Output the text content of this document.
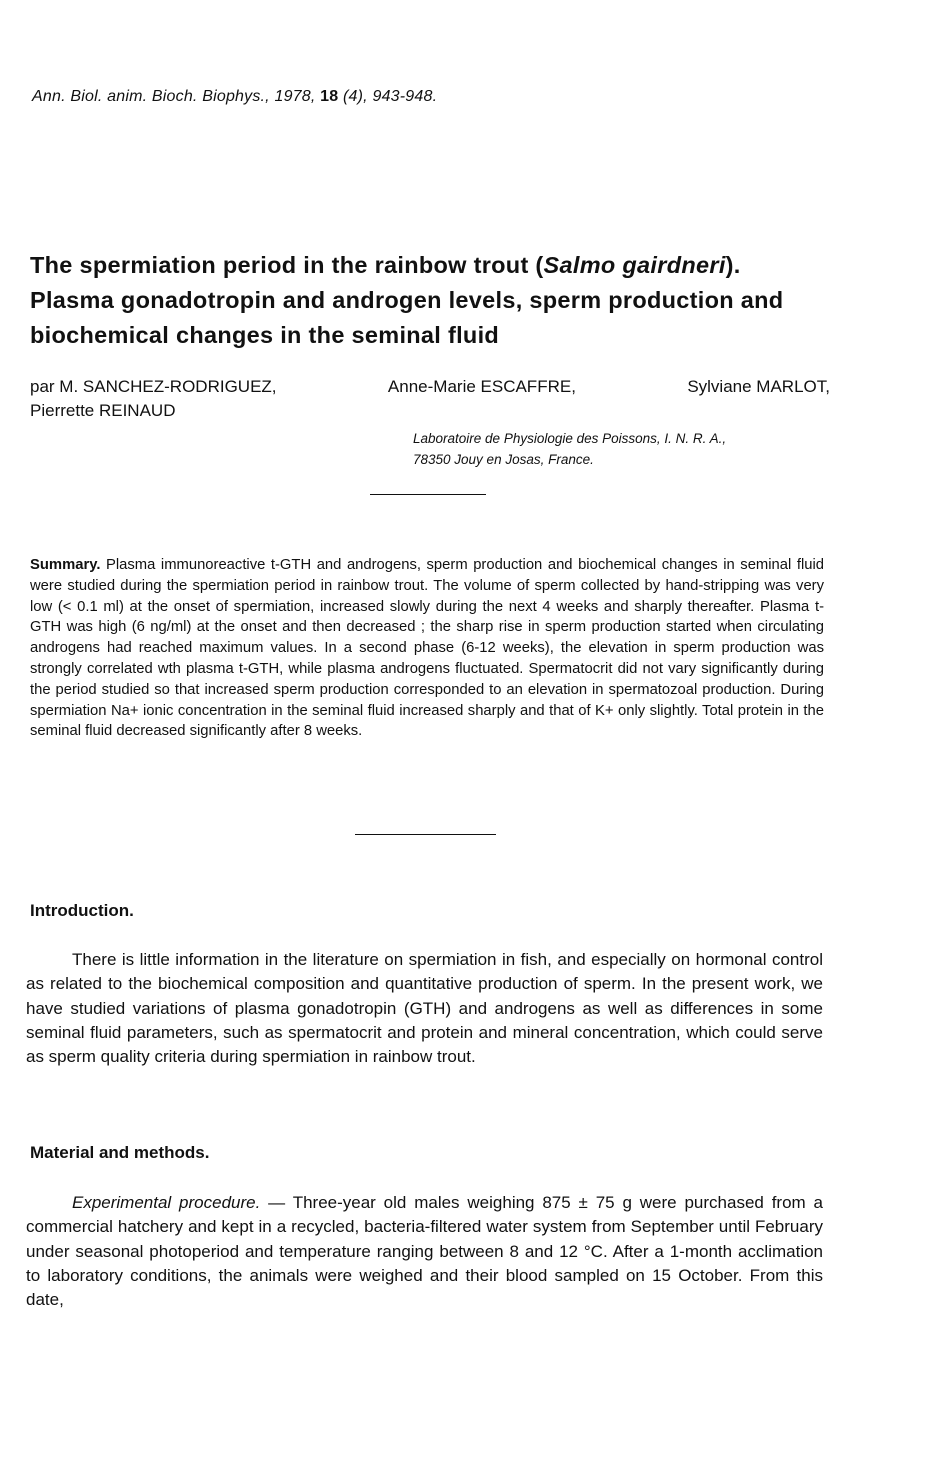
Ann. Biol. anim. Bioch. Biophys., 1978, 18 (4), 943-948.
The spermiation period in the rainbow trout (Salmo gairdneri). Plasma gonadotropin and androgen levels, sperm production and biochemical changes in the seminal fluid
par M. SANCHEZ-RODRIGUEZ,	Anne-Marie ESCAFFRE,	Sylviane MARLOT,
Pierrette REINAUD
Laboratoire de Physiologie des Poissons, I. N. R. A.,
78350 Jouy en Josas, France.
Summary. Plasma immunoreactive t-GTH and androgens, sperm production and biochemical changes in seminal fluid were studied during the spermiation period in rainbow trout. The volume of sperm collected by hand-stripping was very low (< 0.1 ml) at the onset of spermiation, increased slowly during the next 4 weeks and sharply thereafter. Plasma t-GTH was high (6 ng/ml) at the onset and then decreased ; the sharp rise in sperm production started when circulating androgens had reached maximum values. In a second phase (6-12 weeks), the elevation in sperm production was strongly correlated wth plasma t-GTH, while plasma androgens fluctuated. Spermatocrit did not vary significantly during the period studied so that increased sperm production corresponded to an elevation in spermatozoal production. During spermiation Na+ ionic concentration in the seminal fluid increased sharply and that of K+ only slightly. Total protein in the seminal fluid decreased significantly after 8 weeks.
Introduction.
There is little information in the literature on spermiation in fish, and especially on hormonal control as related to the biochemical composition and quantitative production of sperm. In the present work, we have studied variations of plasma gonadotropin (GTH) and androgens as well as differences in some seminal fluid parameters, such as spermatocrit and protein and mineral concentration, which could serve as sperm quality criteria during spermiation in rainbow trout.
Material and methods.
Experimental procedure. — Three-year old males weighing 875 ± 75 g were purchased from a commercial hatchery and kept in a recycled, bacteria-filtered water system from September until February under seasonal photoperiod and temperature ranging between 8 and 12 °C. After a 1-month acclimation to laboratory conditions, the animals were weighed and their blood sampled on 15 October. From this date,
